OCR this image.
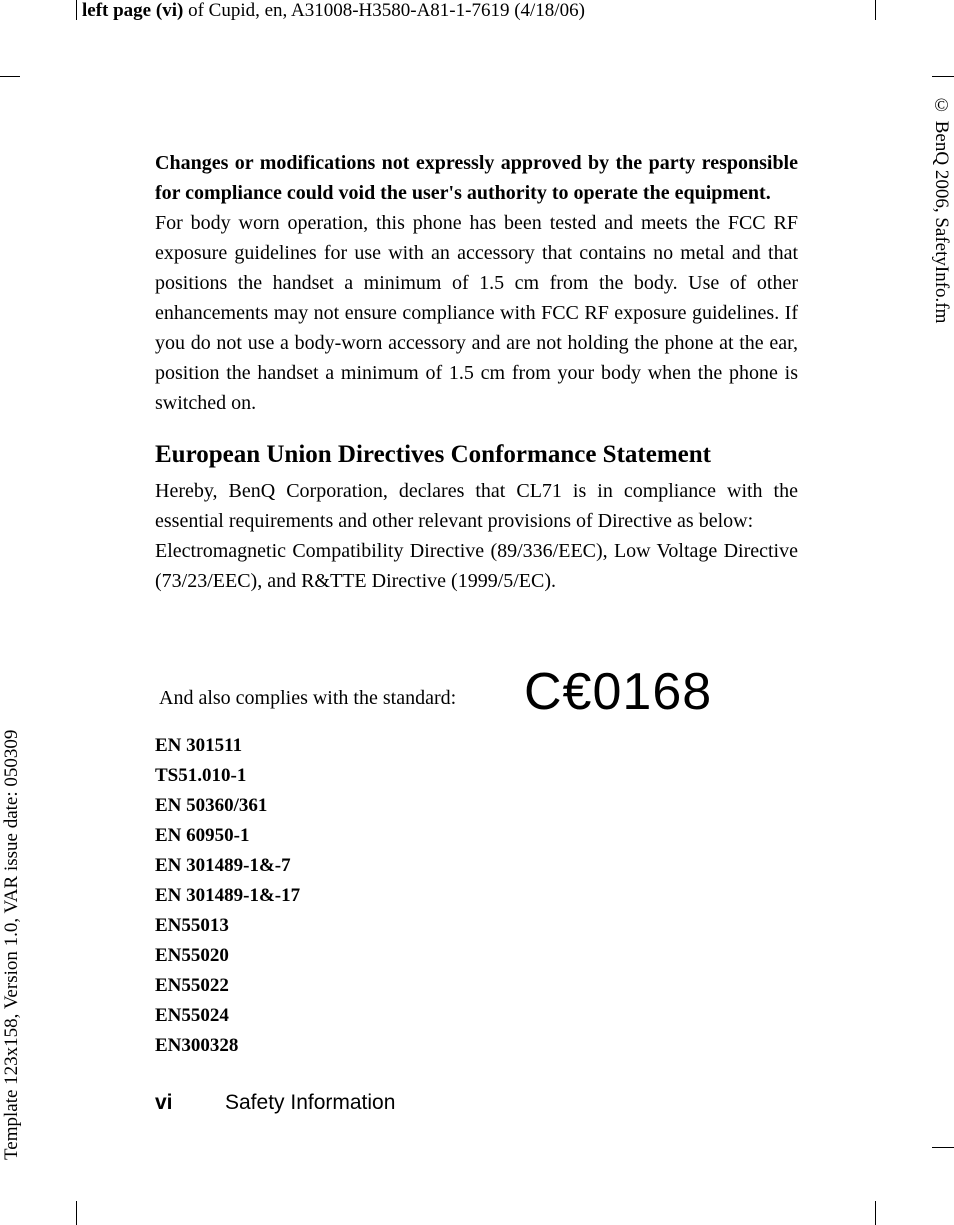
left page (vi) of Cupid, en, A31008-H3580-A81-1-7619 (4/18/06)
© BenQ 2006, SafetyInfo.fm
Template 123x158, Version 1.0, VAR issue date: 050309

Changes or modifications not expressly approved by the party responsible for compliance could void the user's authority to operate the equipment.

For body worn operation, this phone has been tested and meets the FCC RF exposure guidelines for use with an accessory that contains no metal and that positions the handset a minimum of 1.5 cm from the body. Use of other enhancements may not ensure compliance with FCC RF exposure guidelines. If you do not use a body-worn accessory and are not holding the phone at the ear, position the handset a minimum of 1.5 cm from your body when the phone is switched on.

European Union Directives Conformance Statement

Hereby, BenQ Corporation, declares that CL71 is in compliance with the essential requirements and other relevant provisions of Directive as below:

Electromagnetic Compatibility Directive (89/336/EEC), Low Voltage Directive (73/23/EEC), and R&TTE Directive (1999/5/EC).

And also complies with the standard: C€0168
EN 301511
TS51.010-1
EN 50360/361
EN 60950-1
EN 301489-1&-7
EN 301489-1&-17
EN55013
EN55020
EN55022
EN55024
EN300328
vi Safety Information
